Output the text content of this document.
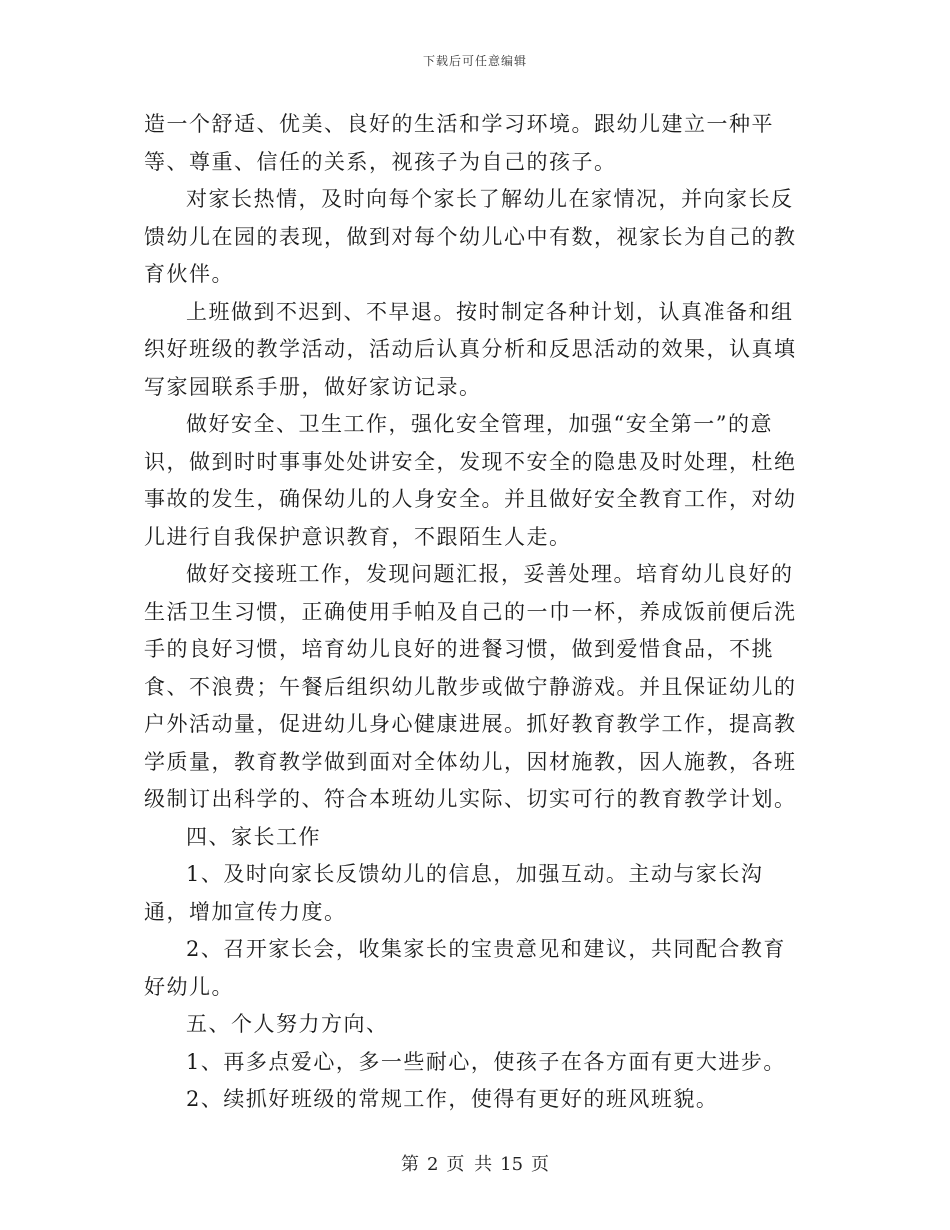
下载后可任意编辑

造一个舒适、优美、良好的生活和学习环境。跟幼儿建立一种平等、尊重、信任的关系，视孩子为自己的孩子。

对家长热情，及时向每个家长了解幼儿在家情况，并向家长反馈幼儿在园的表现，做到对每个幼儿心中有数，视家长为自己的教育伙伴。

上班做到不迟到、不早退。按时制定各种计划，认真准备和组织好班级的教学活动，活动后认真分析和反思活动的效果，认真填写家园联系手册，做好家访记录。

做好安全、卫生工作，强化安全管理，加强“安全第一”的意识，做到时时事事处处讲安全，发现不安全的隐患及时处理，杜绝事故的发生，确保幼儿的人身安全。并且做好安全教育工作，对幼儿进行自我保护意识教育，不跟陌生人走。

做好交接班工作，发现问题汇报，妥善处理。培育幼儿良好的生活卫生习惯，正确使用手帕及自己的一巾一杯，养成饭前便后洗手的良好习惯，培育幼儿良好的进餐习惯，做到爱惜食品，不挑食、不浪费；午餐后组织幼儿散步或做宁静游戏。并且保证幼儿的户外活动量，促进幼儿身心健康进展。抓好教育教学工作，提高教学质量，教育教学做到面对全体幼儿，因材施教，因人施教，各班级制订出科学的、符合本班幼儿实际、切实可行的教育教学计划。

四、家长工作

1、及时向家长反馈幼儿的信息，加强互动。主动与家长沟通，增加宣传力度。

2、召开家长会，收集家长的宝贵意见和建议，共同配合教育好幼儿。

五、个人努力方向、

1、再多点爱心，多一些耐心，使孩子在各方面有更大进步。

2、续抓好班级的常规工作，使得有更好的班风班貌。

第 2 页 共 15 页
